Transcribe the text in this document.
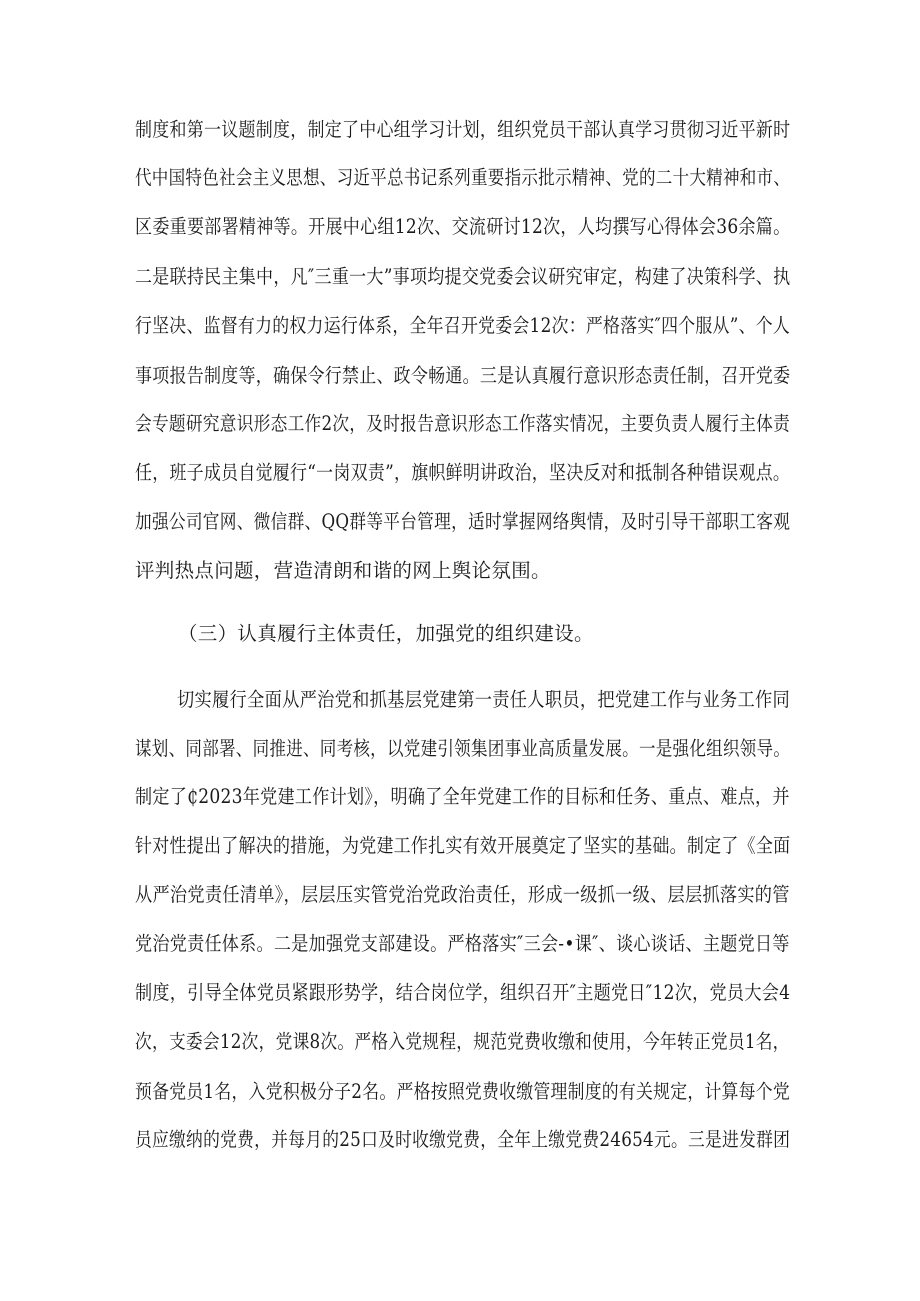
制度和第一议题制度，制定了中心组学习计划，组织党员干部认真学习贯彻习近平新时

代中国特色社会主义思想、习近平总书记系列重要指示批示精神、党的二十大精神和市、

区委重要部署精神等。开展中心组12次、交流研讨12次，人均撰写心得体会36余篇。

二是联持民主集中，凡″三重一大”事项均提交党委会议研究审定，构建了决策科学、执

行坚决、监督有力的权力运行体系，全年召开党委会12次：严格落实″四个服从”、个人

事项报告制度等，确保令行禁止、政令畅通。三是认真履行意识形态责任制，召开党委

会专题研究意识形态工作2次，及时报告意识形态工作落实情况，主要负责人履行主体责

任，班子成员自觉履行“一岗双责”，旗帜鲜明讲政治，坚决反对和抵制各种错误观点。

加强公司官网、微信群、QQ群等平台管理，适时掌握网络舆情，及时引导干部职工客观

评判热点问题，营造清朗和谐的网上舆论氛围。

（三）认真履行主体责任，加强党的组织建设。

切实履行全面从严治党和抓基层党建第一责任人职员，把党建工作与业务工作同

谋划、同部署、同推进、同考核，以党建引领集团事业高质量发展。一是强化组织领导。

制定了₵2023年党建工作计划》，明确了全年党建工作的目标和任务、重点、难点，并

针对性提出了解决的措施，为党建工作扎实有效开展奠定了坚实的基础。制定了《全面

从严治党责任清单》，层层压实管党治党政治责任，形成一级抓一级、层层抓落实的管

党治党责任体系。二是加强党支部建设。严格落实″三会-•课″、谈心谈话、主题党日等

制度，引导全体党员紧跟形势学，结合岗位学，组织召开″主题党日″12次，党员大会4

次，支委会12次，党课8次。严格入党规程，规范党费收缴和使用，今年转正党员1名，

预备党员1名，入党积极分子2名。严格按照党费收缴管理制度的有关规定，计算每个党

员应缴纳的党费，并每月的25口及时收缴党费，全年上缴党费24654元。三是进发群团
